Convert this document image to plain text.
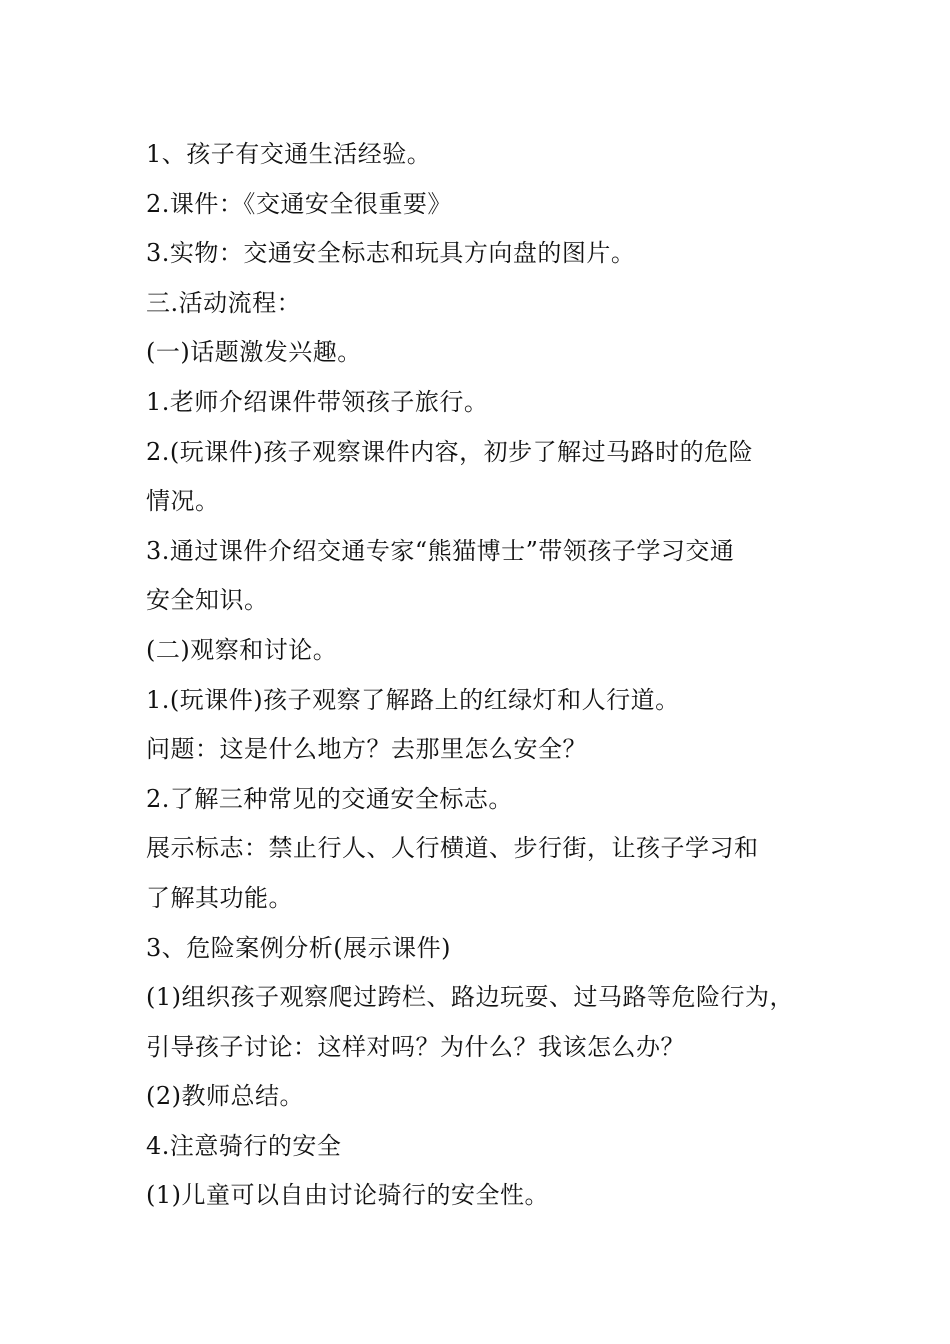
1、孩子有交通生活经验。
2.课件：《交通安全很重要》
3.实物：交通安全标志和玩具方向盘的图片。
三.活动流程：
(一)话题激发兴趣。
1.老师介绍课件带领孩子旅行。
2.(玩课件)孩子观察课件内容，初步了解过马路时的危险
情况。
3.通过课件介绍交通专家“熊猫博士”带领孩子学习交通
安全知识。
(二)观察和讨论。
1.(玩课件)孩子观察了解路上的红绿灯和人行道。
问题：这是什么地方？去那里怎么安全？
2.了解三种常见的交通安全标志。
展示标志：禁止行人、人行横道、步行街，让孩子学习和
了解其功能。
3、危险案例分析(展示课件)
(1)组织孩子观察爬过跨栏、路边玩耍、过马路等危险行为，
引导孩子讨论：这样对吗？为什么？我该怎么办？
(2)教师总结。
4.注意骑行的安全
(1)儿童可以自由讨论骑行的安全性。
